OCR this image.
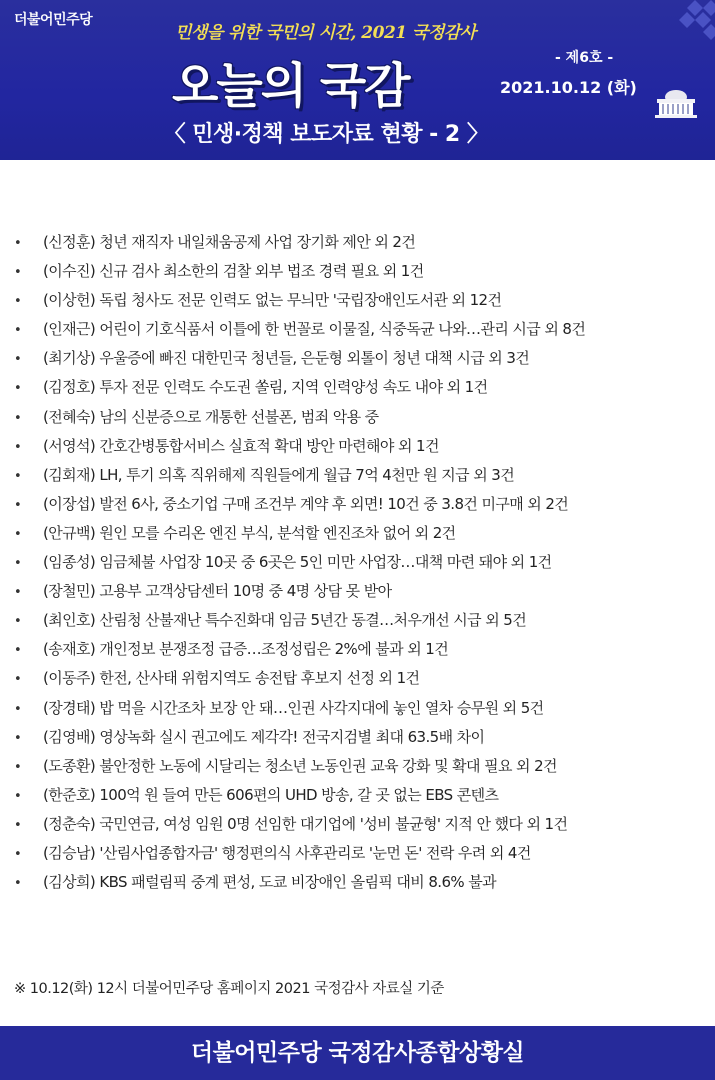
더불어민주당
민생을 위한 국민의 시간, 2021 국정감사
오늘의 국감	- 제6호 -
2021.10.12 (화)
〈 민생·정책 보도자료 현황 - 2 〉
• (신정훈) 청년 재직자 내일채움공제 사업 장기화 제안 외 2건
• (이수진) 신규 검사 최소한의 검찰 외부 법조 경력 필요 외 1건
• (이상헌) 독립 청사도 전문 인력도 없는 무늬만 '국립장애인도서관 외 12건
• (인재근) 어린이 기호식품서 이틀에 한 번꼴로 이물질, 식중독균 나와…관리 시급 외 8건
• (최기상) 우울증에 빠진 대한민국 청년들, 은둔형 외톨이 청년 대책 시급 외 3건
• (김정호) 투자 전문 인력도 수도권 쏠림, 지역 인력양성 속도 내야 외 1건
• (전혜숙) 남의 신분증으로 개통한 선불폰, 범죄 악용 중
• (서영석) 간호간병통합서비스 실효적 확대 방안 마련해야 외 1건
• (김회재) LH, 투기 의혹 직위해제 직원들에게 월급 7억 4천만 원 지급 외 3건
• (이장섭) 발전 6사, 중소기업 구매 조건부 계약 후 외면! 10건 중 3.8건 미구매 외 2건
• (안규백) 원인 모를 수리온 엔진 부식, 분석할 엔진조차 없어 외 2건
• (임종성) 임금체불 사업장 10곳 중 6곳은 5인 미만 사업장…대책 마련 돼야 외 1건
• (장철민) 고용부 고객상담센터 10명 중 4명 상담 못 받아
• (최인호) 산림청 산불재난 특수진화대 임금 5년간 동결…처우개선 시급 외 5건
• (송재호) 개인정보 분쟁조정 급증…조정성립은 2%에 불과 외 1건
• (이동주) 한전, 산사태 위험지역도 송전탑 후보지 선정 외 1건
• (장경태) 밥 먹을 시간조차 보장 안 돼…인권 사각지대에 놓인 열차 승무원 외 5건
• (김영배) 영상녹화 실시 권고에도 제각각! 전국지검별 최대 63.5배 차이
• (도종환) 불안정한 노동에 시달리는 청소년 노동인권 교육 강화 및 확대 필요 외 2건
• (한준호) 100억 원 들여 만든 606편의 UHD 방송, 갈 곳 없는 EBS 콘텐츠
• (정춘숙) 국민연금, 여성 임원 0명 선임한 대기업에 '성비 불균형' 지적 안 했다 외 1건
• (김승남) '산림사업종합자금' 행정편의식 사후관리로 '눈먼 돈' 전락 우려 외 4건
• (김상희) KBS 패럴림픽 중계 편성, 도쿄 비장애인 올림픽 대비 8.6% 불과
※ 10.12(화) 12시 더불어민주당 홈페이지 2021 국정감사 자료실 기준
더불어민주당 국정감사종합상황실
